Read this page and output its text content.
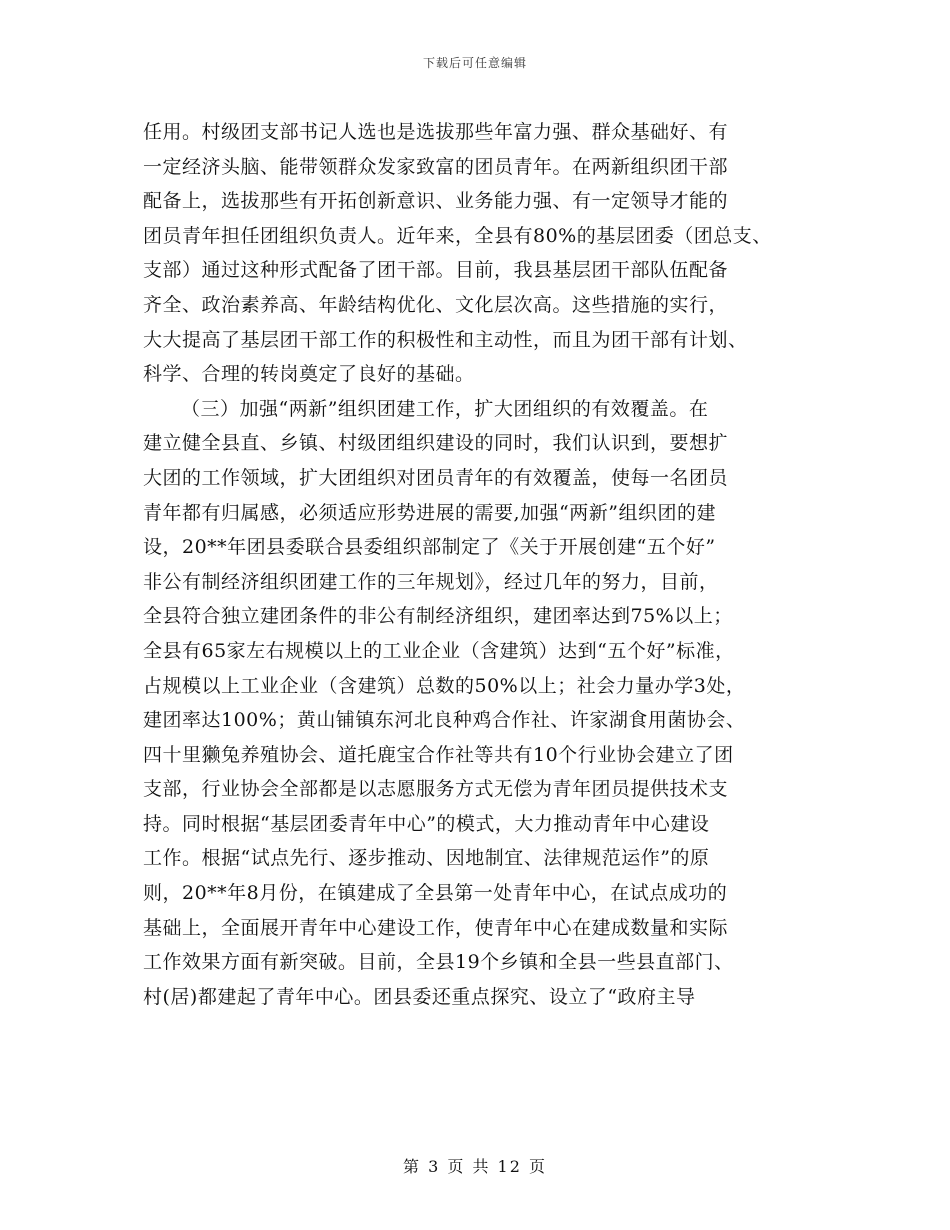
下载后可任意编辑
任用。村级团支部书记人选也是选拔那些年富力强、群众基础好、有
一定经济头脑、能带领群众发家致富的团员青年。在两新组织团干部
配备上，选拔那些有开拓创新意识、业务能力强、有一定领导才能的
团员青年担任团组织负责人。近年来，全县有80%的基层团委（团总支、
支部）通过这种形式配备了团干部。目前，我县基层团干部队伍配备
齐全、政治素养高、年龄结构优化、文化层次高。这些措施的实行，
大大提高了基层团干部工作的积极性和主动性，而且为团干部有计划、
科学、合理的转岗奠定了良好的基础。
（三）加强“两新”组织团建工作，扩大团组织的有效覆盖。在
建立健全县直、乡镇、村级团组织建设的同时，我们认识到，要想扩
大团的工作领域，扩大团组织对团员青年的有效覆盖，使每一名团员
青年都有归属感，必须适应形势进展的需要,加强“两新”组织团的建
设，20**年团县委联合县委组织部制定了《关于开展创建“五个好”
非公有制经济组织团建工作的三年规划》，经过几年的努力，目前，
全县符合独立建团条件的非公有制经济组织，建团率达到75%以上；
全县有65家左右规模以上的工业企业（含建筑）达到“五个好”标准，
占规模以上工业企业（含建筑）总数的50%以上；社会力量办学3处，
建团率达100%；黄山铺镇东河北良种鸡合作社、许家湖食用菌协会、
四十里獭兔养殖协会、道托鹿宝合作社等共有10个行业协会建立了团
支部，行业协会全部都是以志愿服务方式无偿为青年团员提供技术支
持。同时根据“基层团委青年中心”的模式，大力推动青年中心建设
工作。根据“试点先行、逐步推动、因地制宜、法律规范运作”的原
则，20**年8月份，在镇建成了全县第一处青年中心，在试点成功的
基础上，全面展开青年中心建设工作，使青年中心在建成数量和实际
工作效果方面有新突破。目前，全县19个乡镇和全县一些县直部门、
村(居)都建起了青年中心。团县委还重点探究、设立了“政府主导
第 3 页 共 12 页
